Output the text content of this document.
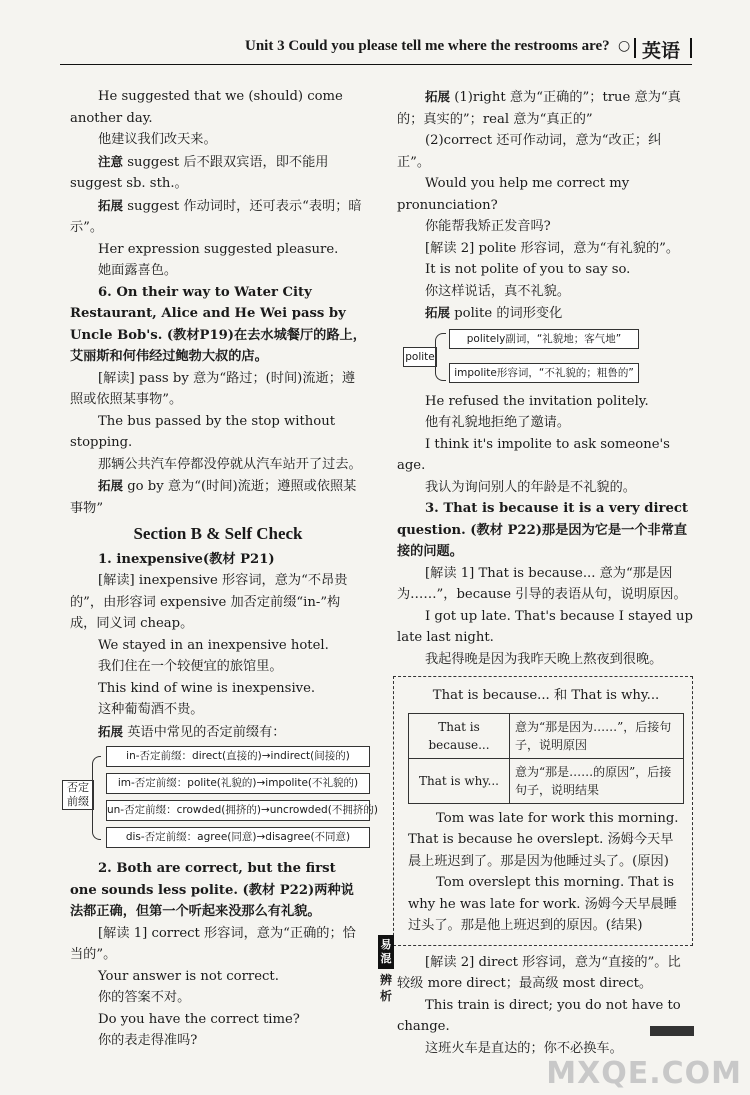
Unit 3 Could you please tell me where the restrooms are? ○ 英语

He suggested that we (should) come another day.

他建议我们改天来。

注意 suggest 后不跟双宾语，即不能用 suggest sb. sth.。

拓展 suggest 作动词时，还可表示“表明；暗示”。

Her expression suggested pleasure.

她面露喜色。

6. On their way to Water City Restaurant, Alice and He Wei pass by Uncle Bob's. (教材P19)在去水城餐厅的路上，艾丽斯和何伟经过鲍勃大叔的店。

[解读] pass by 意为“路过；(时间)流逝；遵照或依照某事物”。

The bus passed by the stop without stopping.

那辆公共汽车停都没停就从汽车站开了过去。

拓展 go by 意为“(时间)流逝；遵照或依照某事物”

Section B & Self Check

1. inexpensive(教材 P21)

[解读] inexpensive 形容词，意为“不昂贵的”，由形容词 expensive 加否定前缀“in-”构成，同义词 cheap。

We stayed in an inexpensive hotel.

我们住在一个较便宜的旅馆里。

This kind of wine is inexpensive.

这种葡萄酒不贵。

拓展 英语中常见的否定前缀有：

否定前缀
in-否定前缀：direct(直接的)→indirect(间接的)
im-否定前缀：polite(礼貌的)→impolite(不礼貌的)
un-否定前缀：crowded(拥挤的)→uncrowded(不拥挤的)
dis-否定前缀：agree(同意)→disagree(不同意)

2. Both are correct, but the first one sounds less polite. (教材 P22)两种说法都正确，但第一个听起来没那么有礼貌。

[解读 1] correct 形容词，意为“正确的；恰当的”。

Your answer is not correct.

你的答案不对。

Do you have the correct time?

你的表走得准吗?

拓展 (1)right 意为“正确的”；true 意为“真的；真实的”；real 意为“真正的”

(2)correct 还可作动词，意为“改正；纠正”。

Would you help me correct my pronunciation?

你能帮我矫正发音吗?

[解读 2] polite 形容词，意为“有礼貌的”。

It is not polite of you to say so.

你这样说话，真不礼貌。

拓展 polite 的词形变化

polite
politely副词，“礼貌地；客气地”
impolite形容词，“不礼貌的；粗鲁的”

He refused the invitation politely.

他有礼貌地拒绝了邀请。

I think it's impolite to ask someone's age.

我认为询问别人的年龄是不礼貌的。

3. That is because it is a very direct question. (教材 P22)那是因为它是一个非常直接的问题。

[解读 1] That is because... 意为“那是因为……”，because 引导的表语从句，说明原因。

I got up late. That's because I stayed up late last night.

我起得晚是因为我昨天晚上熬夜到很晚。

易混
辨析
That is because... 和 That is why...
That is because...	意为“那是因为……”，后接句子，说明原因
That is why...	意为“那是……的原因”，后接句子，说明结果

Tom was late for work this morning. That is because he overslept. 汤姆今天早晨上班迟到了。那是因为他睡过头了。(原因)

Tom overslept this morning. That is why he was late for work. 汤姆今天早晨睡过头了。那是他上班迟到的原因。(结果)

[解读 2] direct 形容词，意为“直接的”。比较级 more direct；最高级 most direct。

This train is direct; you do not have to change.

这班火车是直达的；你不必换车。

MXQE.COM
